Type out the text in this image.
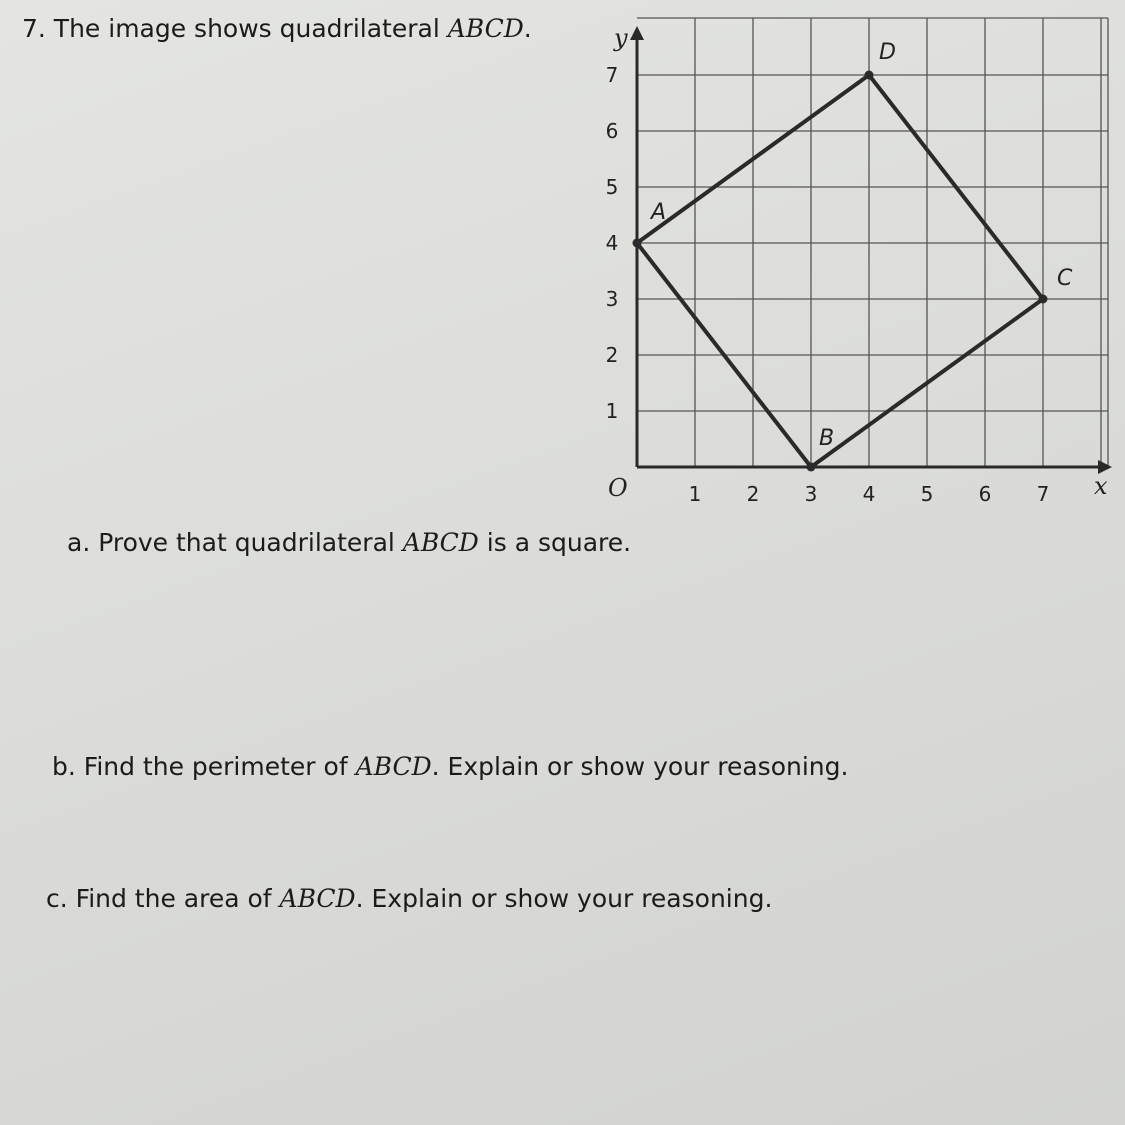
7. The image shows quadrilateral ABCD.
1 2 3 4 5 6 7
1
2
3
4
5
6
7
A
B
C
D
x
y
O
a. Prove that quadrilateral ABCD is a square.
b. Find the perimeter of ABCD. Explain or show your reasoning.
c. Find the area of ABCD. Explain or show your reasoning.
